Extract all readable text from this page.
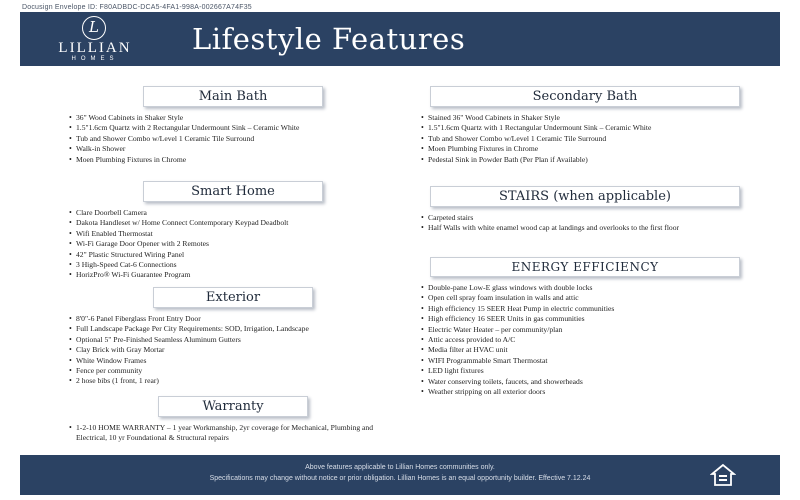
Docusign Envelope ID: F80ADBDC-DCA5-4FA1-998A-002667A74F35
L
LILLIAN
HOMES
Lifestyle Features
Main Bath
• 36" Wood Cabinets in Shaker Style
• 1.5"1.6cm Quartz with 2 Rectangular Undermount Sink – Ceramic White
• Tub and Shower Combo w/Level 1 Ceramic Tile Surround
• Walk-in Shower
• Moen Plumbing Fixtures in Chrome
Smart Home
• Clare Doorbell Camera
• Dakota Handleset w/ Home Connect Contemporary Keypad Deadbolt
• Wifi Enabled Thermostat
• Wi-Fi Garage Door Opener with 2 Remotes
• 42" Plastic Structured Wiring Panel
• 3 High-Speed Cat-6 Connections
• HorizPro® Wi-Fi Guarantee Program
Exterior
• 8'0"-6 Panel Fiberglass Front Entry Door
• Full Landscape Package Per City Requirements: SOD, Irrigation, Landscape
• Optional 5" Pre-Finished Seamless Aluminum Gutters
• Clay Brick with Gray Mortar
• White Window Frames
• Fence per community
• 2 hose bibs (1 front, 1 rear)
Warranty
• 1-2-10 HOME WARRANTY – 1 year Workmanship, 2yr coverage for Mechanical, Plumbing and Electrical, 10 yr Foundational & Structural repairs
Secondary Bath
• Stained 36" Wood Cabinets in Shaker Style
• 1.5"1.6cm Quartz with 1 Rectangular Undermount Sink – Ceramic White
• Tub and Shower Combo w/Level 1 Ceramic Tile Surround
• Moen Plumbing Fixtures in Chrome
• Pedestal Sink in Powder Bath (Per Plan if Available)
STAIRS (when applicable)
• Carpeted stairs
• Half Walls with white enamel wood cap at landings and overlooks to the first floor
ENERGY EFFICIENCY
• Double-pane Low-E glass windows with double locks
• Open cell spray foam insulation in walls and attic
• High efficiency 15 SEER Heat Pump in electric communities
• High efficiency 16 SEER Units in gas communities
• Electric Water Heater – per community/plan
• Attic access provided to A/C
• Media filter at HVAC unit
• WIFI Programmable Smart Thermostat
• LED light fixtures
• Water conserving toilets, faucets, and showerheads
• Weather stripping on all exterior doors
Above features applicable to Lillian Homes communities only.
Specifications may change without notice or prior obligation. Lillian Homes is an equal opportunity builder. Effective 7.12.24
